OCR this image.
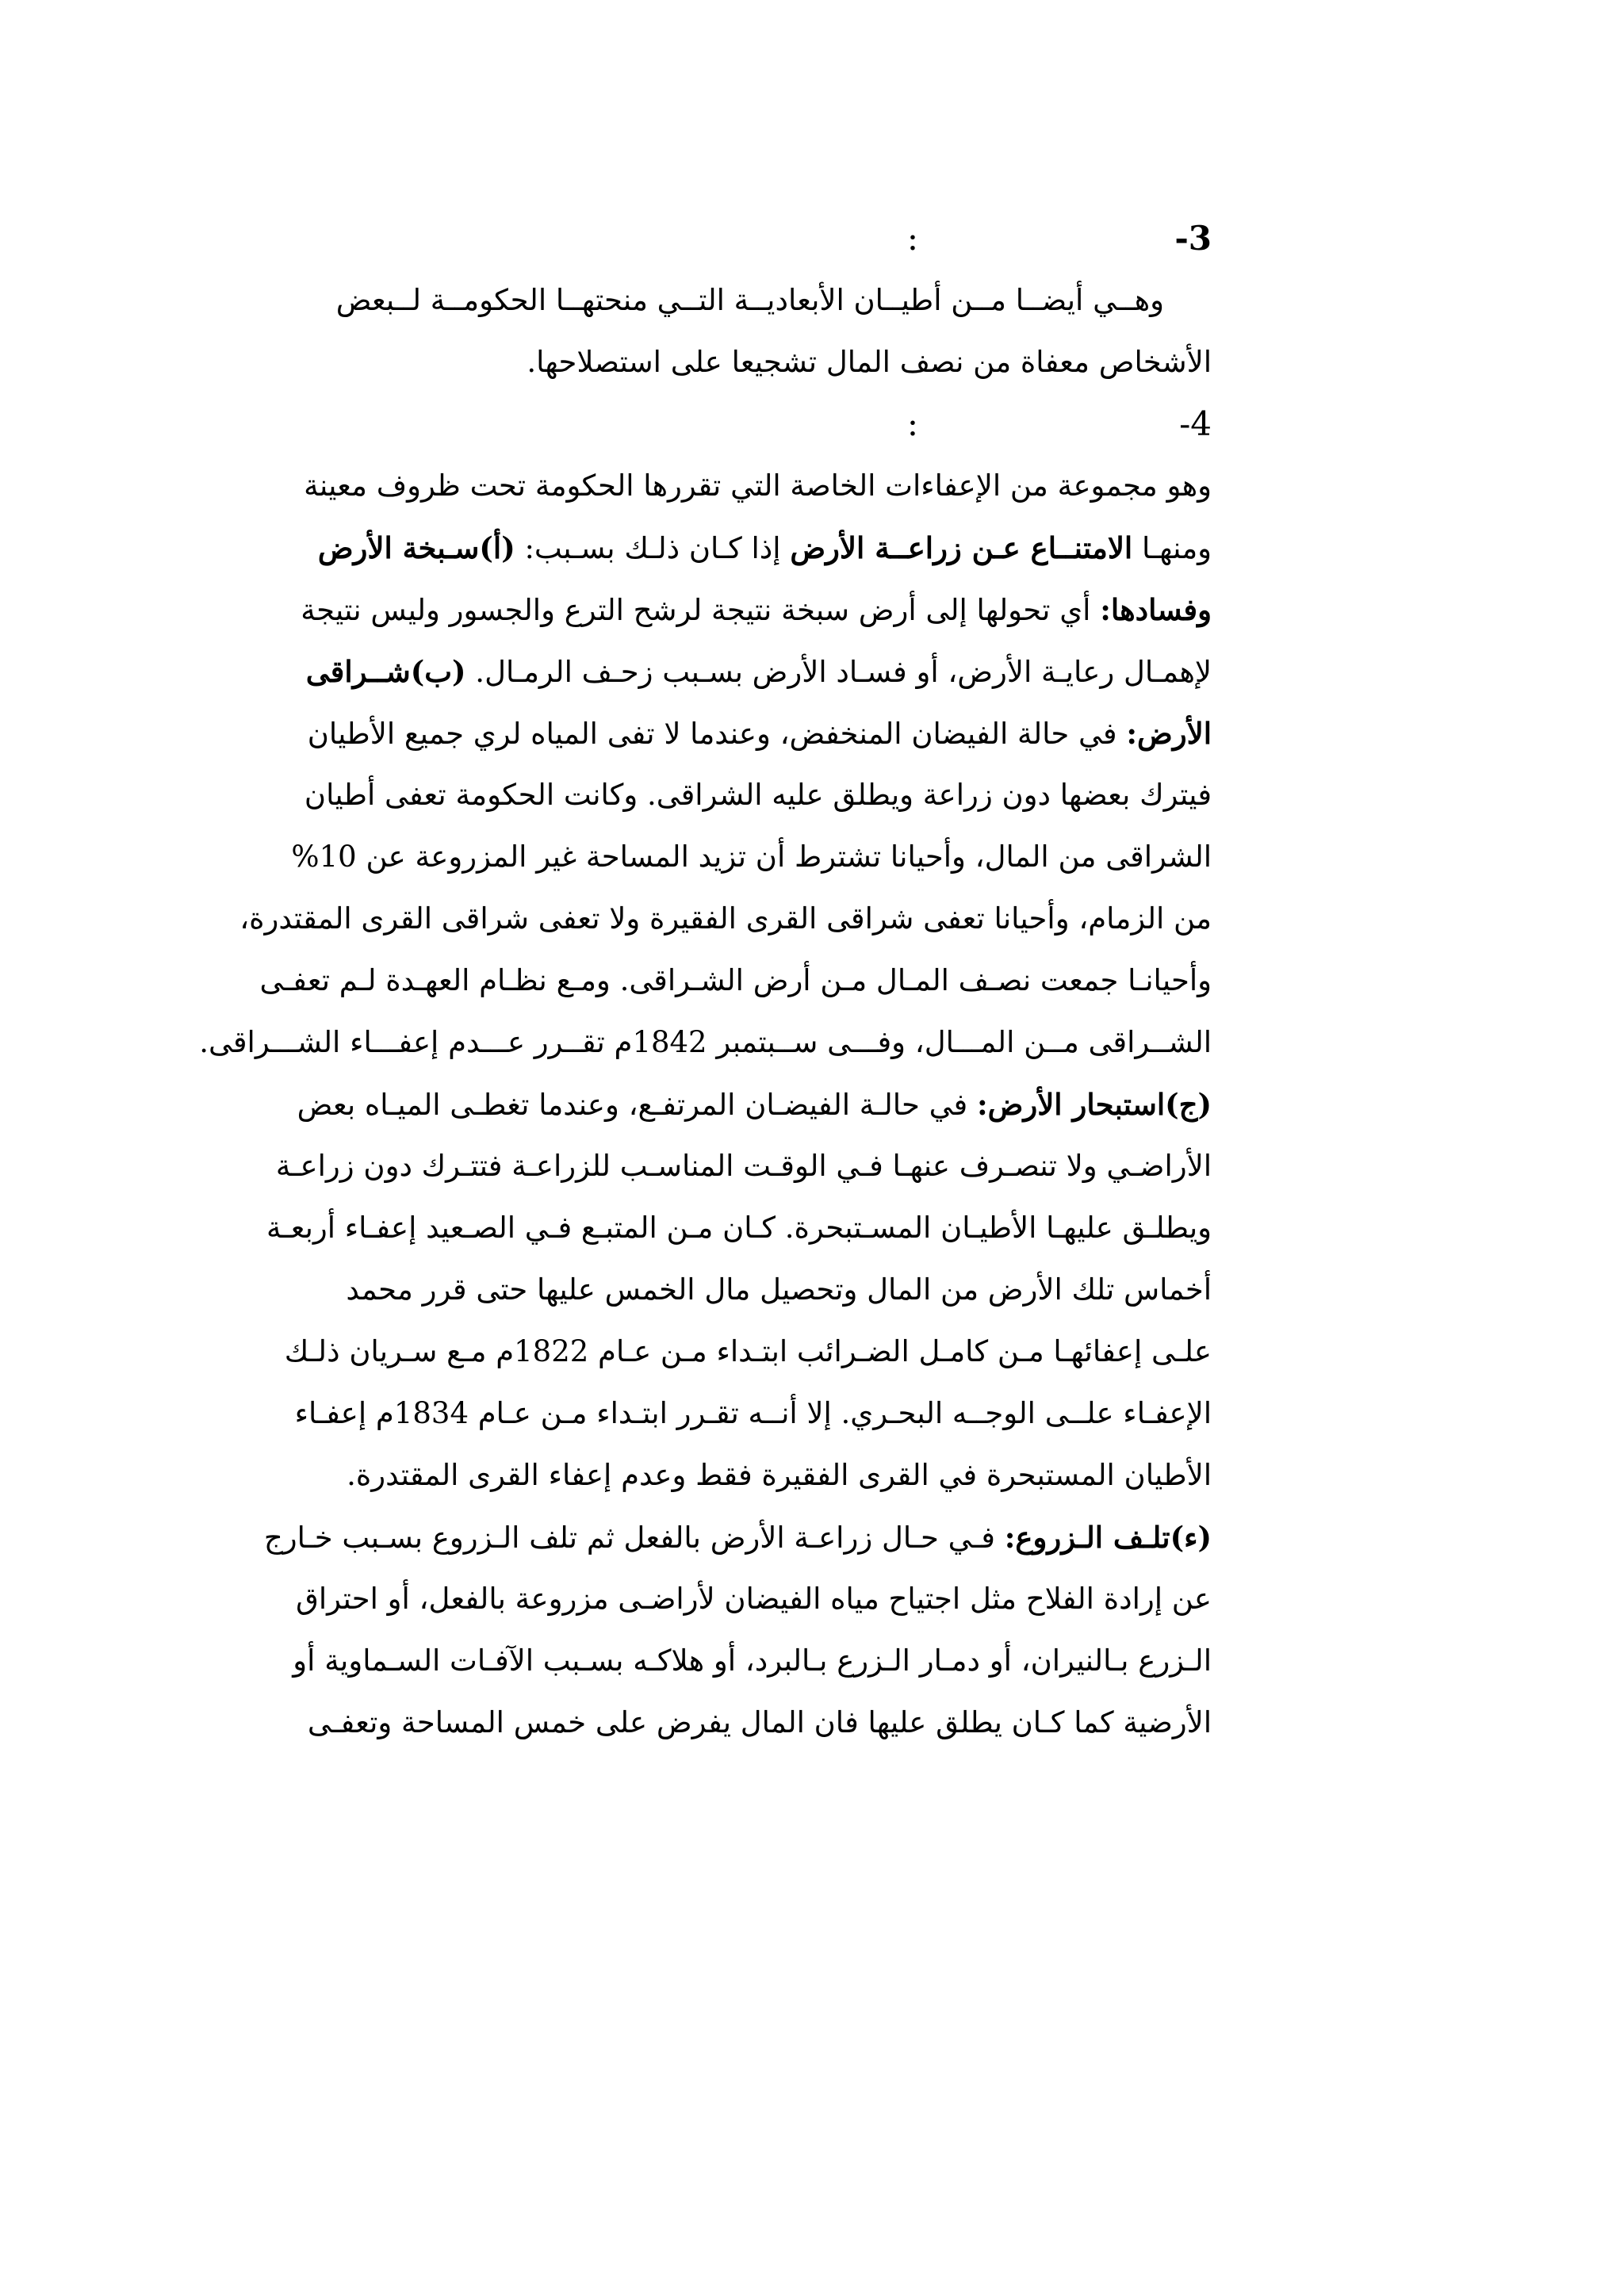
-3
:
وهــي أيضــا مــن أطيــان الأبعاديــة التــي منحتهــا الحكومــة لــبعض
الأشخاص معفاة من نصف المال تشجيعا على استصلاحها.
-4
:
وهو مجموعة من الإعفاءات الخاصة التي تقررها الحكومة تحت ظروف معينة
ومنهـا الامتنــاع عـن زراعــة الأرض إذا كـان ذلـك بسـبب: (أ)سـبخة الأرض
وفسادها: أي تحولها إلى أرض سبخة نتيجة لرشح الترع والجسور وليس نتيجة
لإهمـال رعايـة الأرض، أو فسـاد الأرض بسـبب زحـف الرمـال. (ب)شــراقى
الأرض: في حالة الفيضان المنخفض، وعندما لا تفى المياه لري جميع الأطيان
فيترك بعضها دون زراعة ويطلق عليه الشراقى. وكانت الحكومة تعفى أطيان
الشراقى من المال، وأحيانا تشترط أن تزيد المساحة غير المزروعة عن 10%
من الزمام، وأحيانا تعفى شراقى القرى الفقيرة ولا تعفى شراقى القرى المقتدرة،
وأحيانـا جمعت نصـف المـال مـن أرض الشـراقى. ومـع نظـام العهـدة لـم تعفـى
الشــراقى مــن المـــال، وفـــى ســبتمبر 1842م تقــرر عـــدم إعفـــاء الشـــراقى.
(ج)استبحار الأرض: في حالـة الفيضـان المرتفـع، وعندما تغطـى الميـاه بعض
الأراضـي ولا تنصـرف عنهـا فـي الوقـت المناسـب للزراعـة فتتـرك دون زراعـة
ويطلـق عليهـا الأطيـان المسـتبحرة. كـان مـن المتبـع فـي الصـعيد إعفـاء أربعـة
أخماس تلك الأرض من المال وتحصيل مال الخمس عليها حتى قرر محمد
علـى إعفائهـا مـن كامـل الضـرائب ابتـداء مـن عـام 1822م مـع سـريان ذلـك
الإعفـاء علــى الوجــه البحـري. إلا أنــه تقـرر ابتـداء مـن عـام 1834م إعفـاء
الأطيان المستبحرة في القرى الفقيرة فقط وعدم إعفاء القرى المقتدرة.
(ء)تلـف الـزروع: فـي حـال زراعـة الأرض بالفعل ثم تلف الـزروع بسـبب خـارج
عن إرادة الفلاح مثل اجتياح مياه الفيضان لأراضـى مزروعة بالفعل، أو احتراق
الـزرع بـالنيران، أو دمـار الـزرع بـالبرد، أو هلاكـه بسـبب الآفـات السـماوية أو
الأرضية كما كـان يطلق عليها فان المال يفرض على خمس المساحة وتعفـى
